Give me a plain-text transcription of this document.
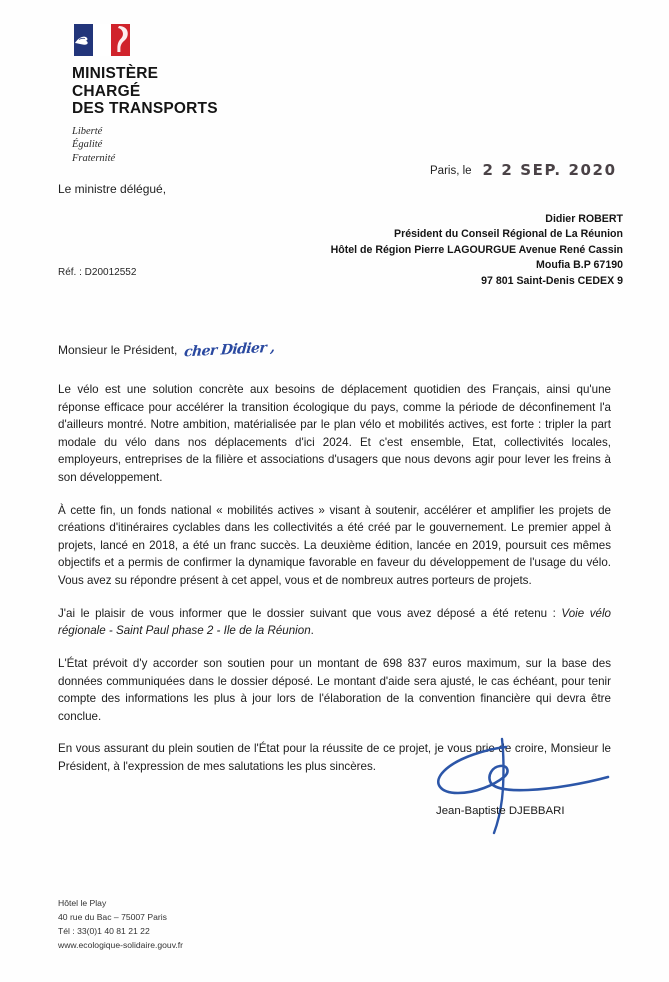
MINISTÈRE
CHARGÉ
DES TRANSPORTS
Liberté
Égalité
Fraternité
Le ministre délégué,
Paris, le 2 2 SEP. 2020
Didier ROBERT
Président du Conseil Régional de La Réunion
Hôtel de Région Pierre LAGOURGUE Avenue René Cassin
Moufia B.P 67190
97 801 Saint-Denis CEDEX 9
Réf. : D20012552
Monsieur le Président, cher Didier ,

Le vélo est une solution concrète aux besoins de déplacement quotidien des Français, ainsi qu'une réponse efficace pour accélérer la transition écologique du pays, comme la période de déconfinement l'a d'ailleurs montré. Notre ambition, matérialisée par le plan vélo et mobilités actives, est forte : tripler la part modale du vélo dans nos déplacements d'ici 2024. Et c'est ensemble, Etat, collectivités locales, employeurs, entreprises de la filière et associations d'usagers que nous devons agir pour lever les freins à son développement.

À cette fin, un fonds national « mobilités actives » visant à soutenir, accélérer et amplifier les projets de créations d'itinéraires cyclables dans les collectivités a été créé par le gouvernement. Le premier appel à projets, lancé en 2018, a été un franc succès. La deuxième édition, lancée en 2019, poursuit ces mêmes objectifs et a permis de confirmer la dynamique favorable en faveur du développement de l'usage du vélo. Vous avez su répondre présent à cet appel, vous et de nombreux autres porteurs de projets.

J'ai le plaisir de vous informer que le dossier suivant que vous avez déposé a été retenu : Voie vélo régionale - Saint Paul phase 2 - Ile de la Réunion.

L'État prévoit d'y accorder son soutien pour un montant de 698 837 euros maximum, sur la base des données communiquées dans le dossier déposé. Le montant d'aide sera ajusté, le cas échéant, pour tenir compte des informations les plus à jour lors de l'élaboration de la convention financière qui devra être conclue.

En vous assurant du plein soutien de l'État pour la réussite de ce projet, je vous prie de croire, Monsieur le Président, à l'expression de mes salutations les plus sincères.

Jean-Baptiste DJEBBARI
Hôtel le Play
40 rue du Bac – 75007 Paris
Tél : 33(0)1 40 81 21 22
www.ecologique-solidaire.gouv.fr
